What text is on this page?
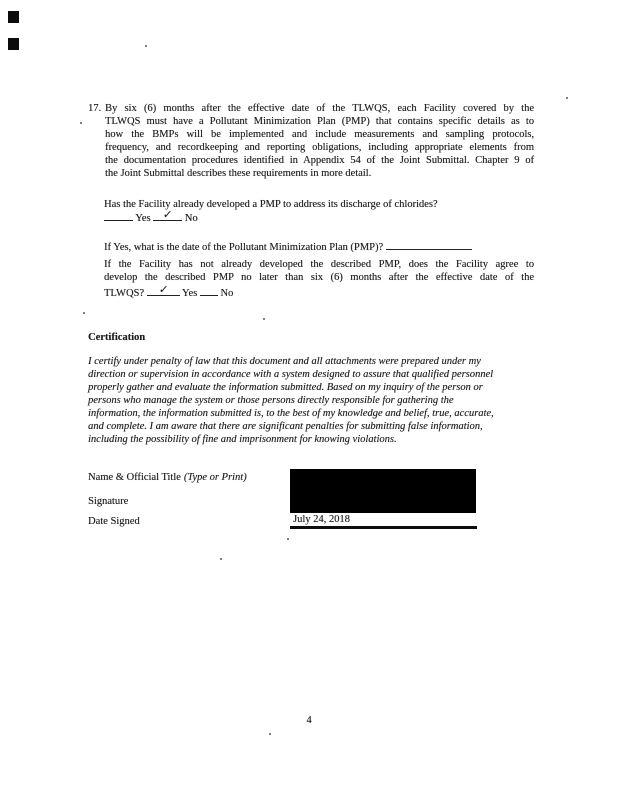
17. By six (6) months after the effective date of the TLWQS, each Facility covered by the
TLWQS must have a Pollutant Minimization Plan (PMP) that contains specific details as to
how the BMPs will be implemented and include measurements and sampling protocols,
frequency, and recordkeeping and reporting obligations, including appropriate elements from
the documentation procedures identified in Appendix 54 of the Joint Submittal. Chapter 9 of
the Joint Submittal describes these requirements in more detail.
Has the Facility already developed a PMP to address its discharge of chlorides?
Yes	✓	No
If Yes, what is the date of the Pollutant Minimization Plan (PMP)?
If the Facility has not already developed the described PMP, does the Facility agree to
develop the described PMP no later than six (6) months after the effective date of the
TLWQS?	✓	Yes No
Certification
I certify under penalty of law that this document and all attachments were prepared under my
direction or supervision in accordance with a system designed to assure that qualified personnel
properly gather and evaluate the information submitted. Based on my inquiry of the person or
persons who manage the system or those persons directly responsible for gathering the
information, the information submitted is, to the best of my knowledge and belief, true, accurate,
and complete. I am aware that there are significant penalties for submitting false information,
including the possibility of fine and imprisonment for knowing violations.
Name & Official Title (Type or Print)
Signature
Date Signed	July 24, 2018
4
